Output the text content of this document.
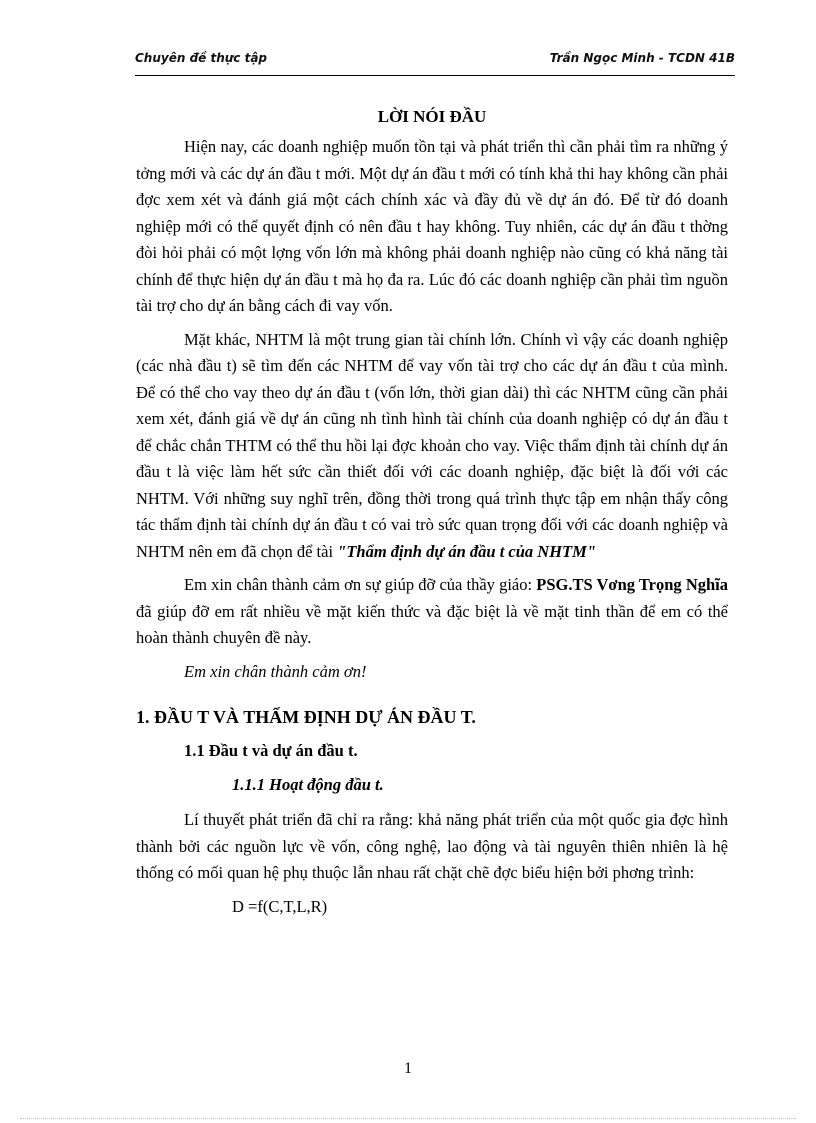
Chuyên đề thực tập	Trần Ngọc Minh - TCDN 41B
LỜI NÓI ĐẦU

Hiện nay, các doanh nghiệp muốn tồn tại và phát triển thì cần phải tìm ra những ý tởng mới và các dự án đầu t mới. Một dự án đầu t mới có tính khả thi hay không cần phải đợc xem xét và đánh giá một cách chính xác và đầy đủ về dự án đó. Để từ đó doanh nghiệp mới có thể quyết định có nên đầu t hay không. Tuy nhiên, các dự án đầu t thờng đòi hỏi phải có một lợng vốn lớn mà không phải doanh nghiệp nào cũng có khả năng tài chính để thực hiện dự án đầu t mà họ đa ra. Lúc đó các doanh nghiệp cần phải tìm nguồn tài trợ cho dự án bằng cách đi vay vốn.

Mặt khác, NHTM là một trung gian tài chính lớn. Chính vì vậy các doanh nghiệp (các nhà đầu t) sẽ tìm đến các NHTM để vay vốn tài trợ cho các dự án đầu t của mình. Để có thể cho vay theo dự án đầu t (vốn lớn, thời gian dài) thì các NHTM cũng cần phải xem xét, đánh giá về dự án cũng nh tình hình tài chính của doanh nghiệp có dự án đầu t để chắc chắn THTM có thể thu hồi lại đợc khoản cho vay. Việc thẩm định tài chính dự án đầu t là việc làm hết sức cần thiết đối với các doanh nghiệp, đặc biệt là đối với các NHTM. Với những suy nghĩ trên, đồng thời trong quá trình thực tập em nhận thấy công tác thẩm định tài chính dự án đầu t có vai trò sức quan trọng đối với các doanh nghiệp và NHTM nên em đã chọn để tài "Thẩm định dự án đầu t của NHTM"

Em xin chân thành cảm ơn sự giúp đỡ của thầy giáo: PSG.TS Vơng Trọng Nghĩa đã giúp đỡ em rất nhiều về mặt kiến thức và đặc biệt là về mặt tinh thần để em có thể hoàn thành chuyên đề này.

Em xin chân thành cảm ơn!

1. ĐẦU T VÀ THẨM ĐỊNH DỰ ÁN ĐẦU T.
1.1 Đầu t và dự án đầu t.
1.1.1 Hoạt động đầu t.

Lí thuyết phát triển đã chỉ ra rằng: khả năng phát triển của một quốc gia đợc hình thành bởi các nguồn lực về vốn, công nghệ, lao động và tài nguyên thiên nhiên là hệ thống có mối quan hệ phụ thuộc lẫn nhau rất chặt chẽ đợc biểu hiện bởi phơng trình:

D =f(C,T,L,R)
1
